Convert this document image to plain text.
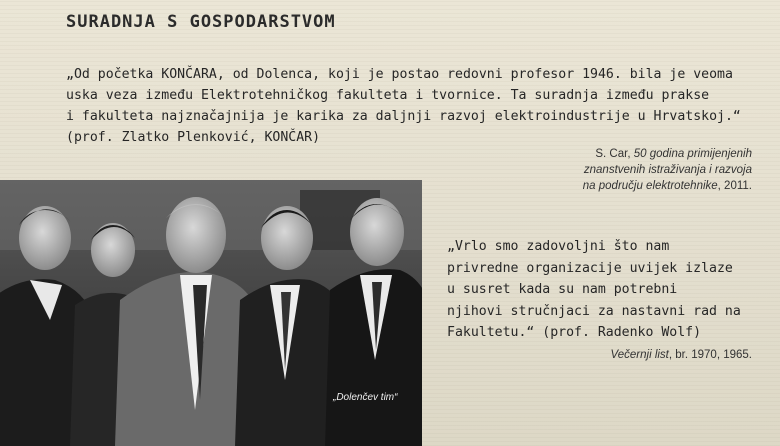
SURADNJA S GOSPODARSTVOM

„Od početka KONČARA, od Dolenca, koji je postao redovni profesor 1946. bila je veoma
uska veza između Elektrotehničkog fakulteta i tvornice. Ta suradnja između prakse
i fakulteta najznačajnija je karika za daljnji razvoj elektroindustrije u Hrvatskoj.“
(prof. Zlatko Plenković, KONČAR)

S. Car, 50 godina primijenjenih
znanstvenih istraživanja i razvoja
na području elektrotehnike, 2011.
„Dolenčev tim“

„Vrlo smo zadovoljni što nam
privredne organizacije uvijek izlaze
u susret kada su nam potrebni
njihovi stručnjaci za nastavni rad na
Fakultetu.“ (prof. Radenko Wolf)

Večernji list, br. 1970, 1965.
